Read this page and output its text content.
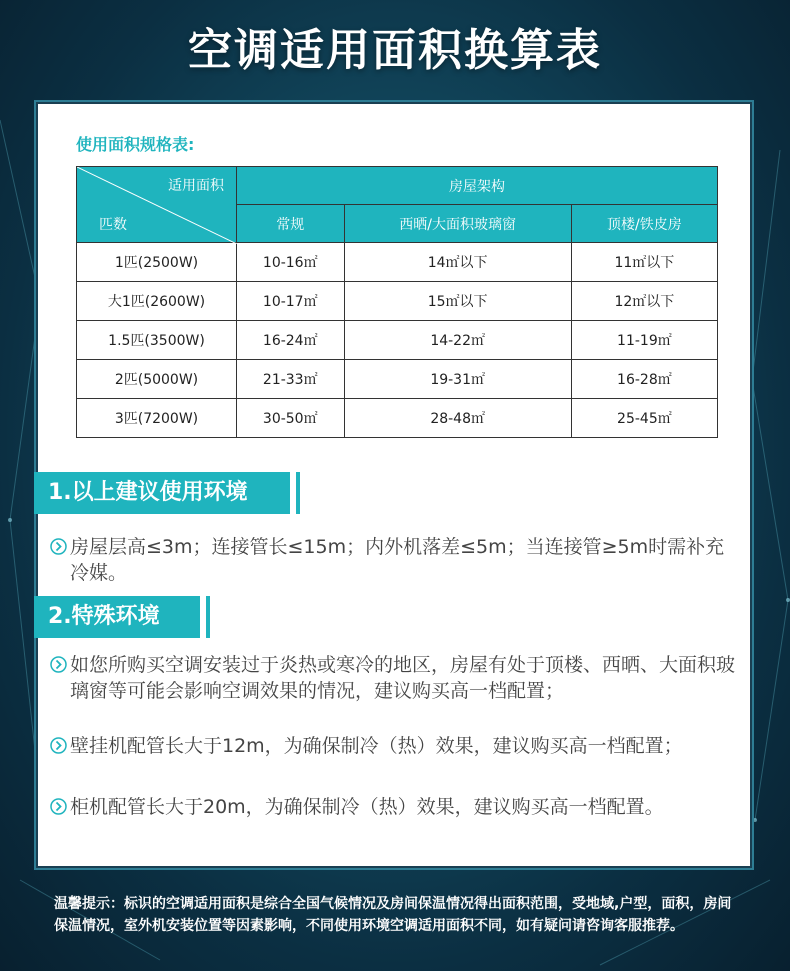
空调适用面积换算表
使用面积规格表:
适用面积
匹数	房屋架构		
	常规	西晒/大面积玻璃窗	顶楼/铁皮房
1匹(2500W)	10-16㎡	14㎡以下	11㎡以下
大1匹(2600W)	10-17㎡	15㎡以下	12㎡以下
1.5匹(3500W)	16-24㎡	14-22㎡	11-19㎡
2匹(5000W)	21-33㎡	19-31㎡	16-28㎡
3匹(7200W)	30-50㎡	28-48㎡	25-45㎡
1.以上建议使用环境
房屋层高≤3m；连接管长≤15m；内外机落差≤5m；当连接管≥5m时需补充冷媒。
2.特殊环境
如您所购买空调安装过于炎热或寒冷的地区，房屋有处于顶楼、西晒、大面积玻璃窗等可能会影响空调效果的情况，建议购买高一档配置；
壁挂机配管长大于12m，为确保制冷（热）效果，建议购买高一档配置；
柜机配管长大于20m，为确保制冷（热）效果，建议购买高一档配置。
温馨提示：标识的空调适用面积是综合全国气候情况及房间保温情况得出面积范围，受地域,户型，面积，房间保温情况，室外机安装位置等因素影响，不同使用环境空调适用面积不同，如有疑问请咨询客服推荐。
